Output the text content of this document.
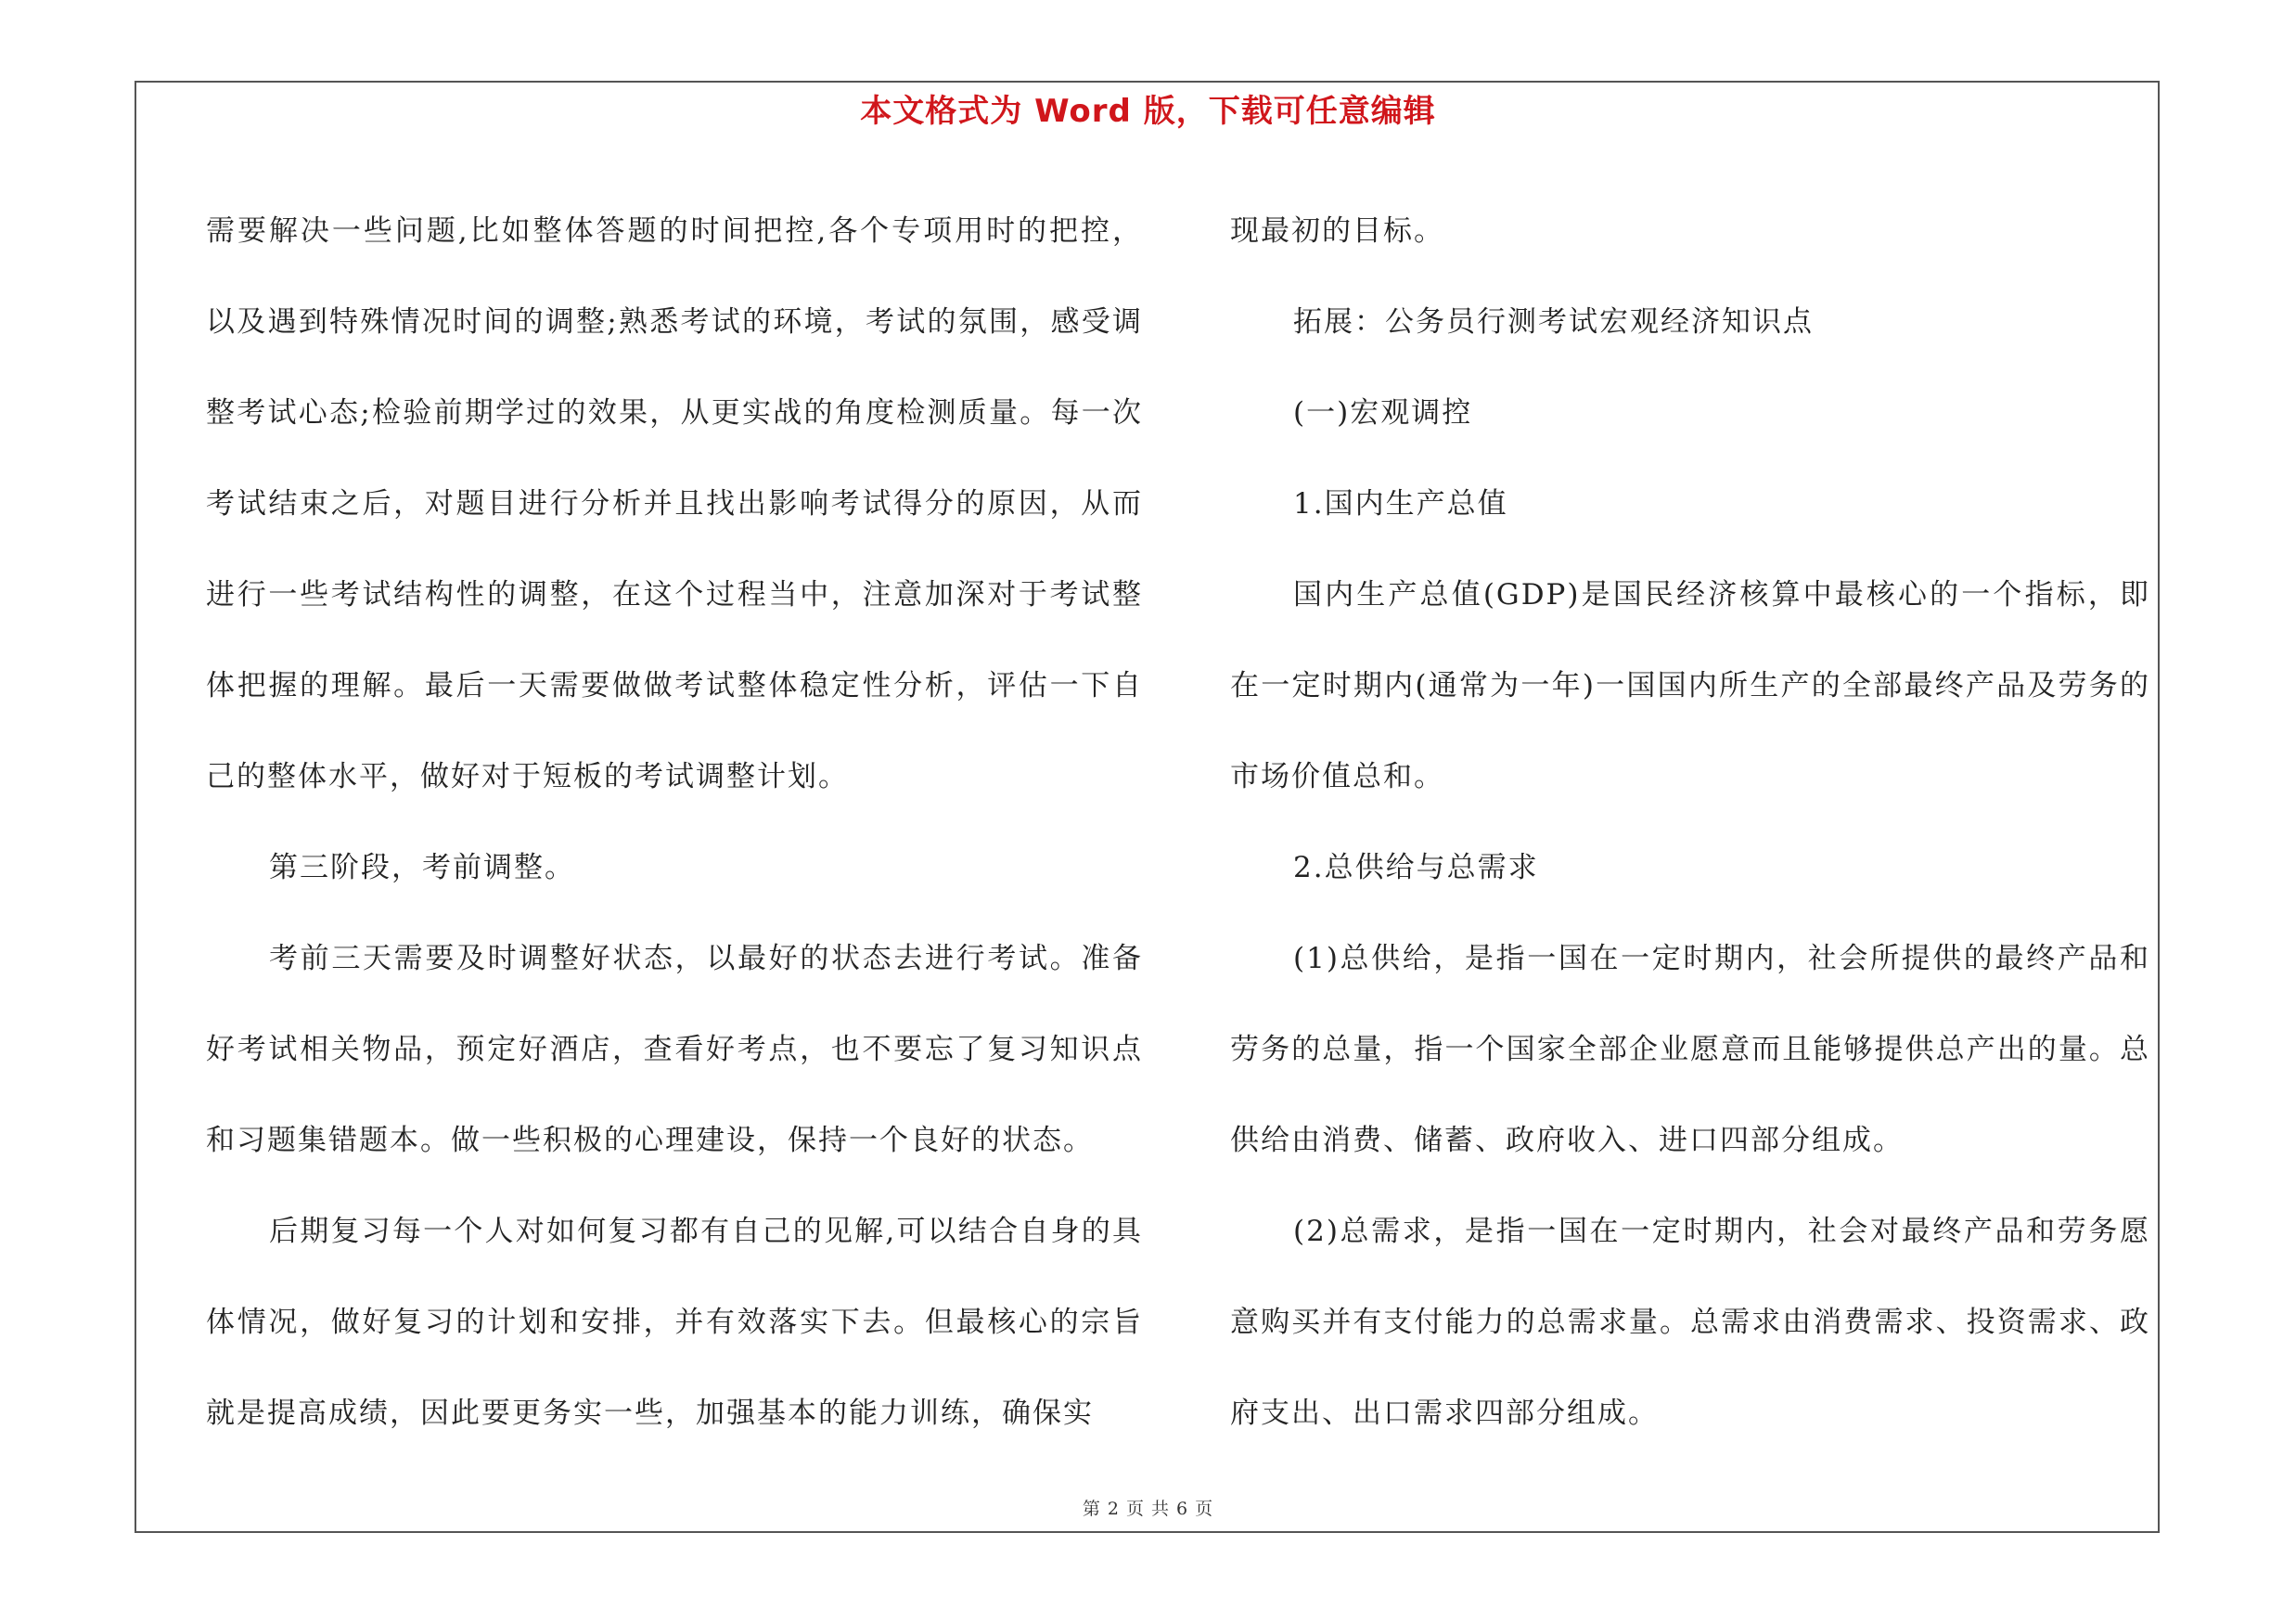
本文格式为 Word 版，下载可任意编辑

需要解决一些问题,比如整体答题的时间把控,各个专项用时的把控，以及遇到特殊情况时间的调整;熟悉考试的环境，考试的氛围，感受调整考试心态;检验前期学过的效果，从更实战的角度检测质量。每一次考试结束之后，对题目进行分析并且找出影响考试得分的原因，从而进行一些考试结构性的调整，在这个过程当中，注意加深对于考试整体把握的理解。最后一天需要做做考试整体稳定性分析，评估一下自己的整体水平，做好对于短板的考试调整计划。

第三阶段，考前调整。

考前三天需要及时调整好状态，以最好的状态去进行考试。准备好考试相关物品，预定好酒店，查看好考点，也不要忘了复习知识点和习题集错题本。做一些积极的心理建设，保持一个良好的状态。

后期复习每一个人对如何复习都有自己的见解,可以结合自身的具体情况，做好复习的计划和安排，并有效落实下去。但最核心的宗旨就是提高成绩，因此要更务实一些，加强基本的能力训练，确保实

现最初的目标。

拓展：公务员行测考试宏观经济知识点

(一)宏观调控

1.国内生产总值

国内生产总值(GDP)是国民经济核算中最核心的一个指标，即在一定时期内(通常为一年)一国国内所生产的全部最终产品及劳务的市场价值总和。

2.总供给与总需求

(1)总供给，是指一国在一定时期内，社会所提供的最终产品和劳务的总量，指一个国家全部企业愿意而且能够提供总产出的量。总供给由消费、储蓄、政府收入、进口四部分组成。

(2)总需求，是指一国在一定时期内，社会对最终产品和劳务愿意购买并有支付能力的总需求量。总需求由消费需求、投资需求、政府支出、出口需求四部分组成。

第 2 页 共 6 页
